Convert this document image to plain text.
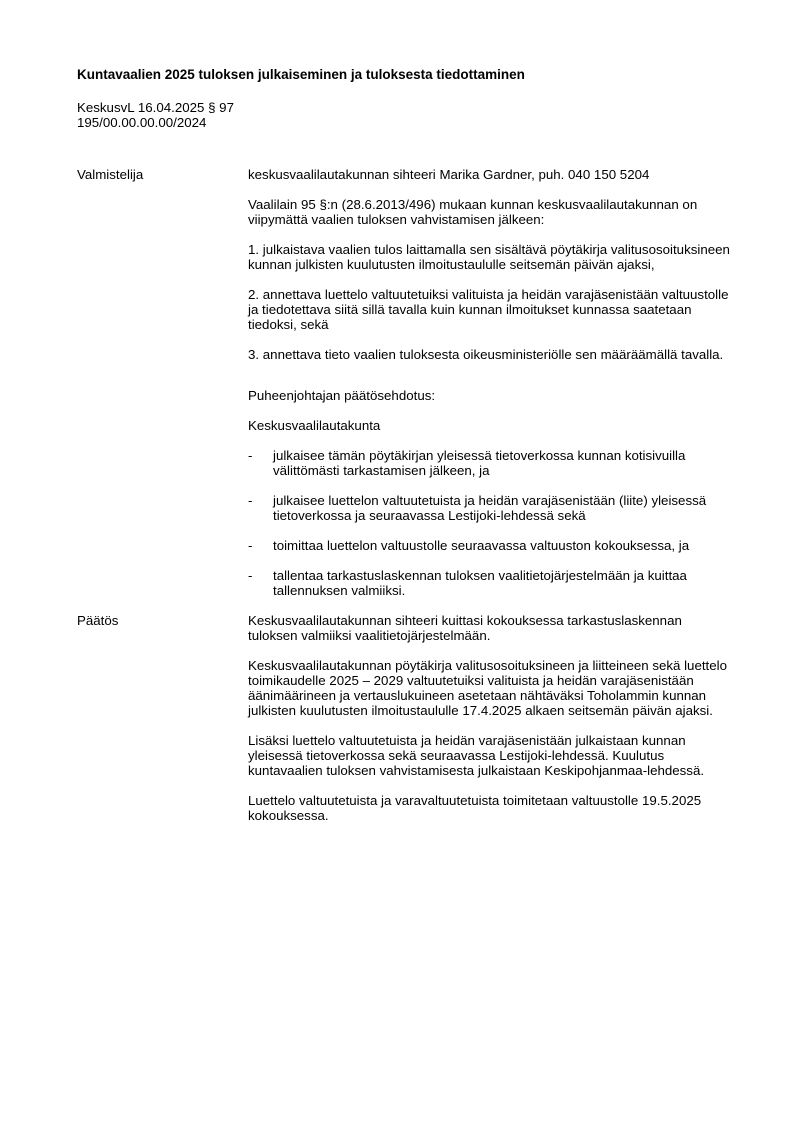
Kuntavaalien 2025 tuloksen julkaiseminen ja tuloksesta tiedottaminen
KeskusvL 16.04.2025 § 97
195/00.00.00.00/2024
Valmistelija	keskusvaalilautakunnan sihteeri Marika Gardner, puh. 040 150 5204

Vaalilain 95 §:n (28.6.2013/496) mukaan kunnan keskusvaalilautakunnan on viipymättä vaalien tuloksen vahvistamisen jälkeen:

1. julkaistava vaalien tulos laittamalla sen sisältävä pöytäkirja valitusosoituksineen kunnan julkisten kuulutusten ilmoitustaululle seitsemän päivän ajaksi,

2. annettava luettelo valtuutetuiksi valituista ja heidän varajäsenistään valtuustolle ja tiedotettava siitä sillä tavalla kuin kunnan ilmoitukset kunnassa saatetaan tiedoksi, sekä

3. annettava tieto vaalien tuloksesta oikeusministeriölle sen määräämällä tavalla.

Puheenjohtajan päätösehdotus:

Keskusvaalilautakunta

-	julkaisee tämän pöytäkirjan yleisessä tietoverkossa kunnan kotisivuilla välittömästi tarkastamisen jälkeen, ja
-	julkaisee luettelon valtuutetuista ja heidän varajäsenistään (liite) yleisessä tietoverkossa ja seuraavassa Lestijoki-lehdessä sekä
-	toimittaa luettelon valtuustolle seuraavassa valtuuston kokouksessa, ja
-	tallentaa tarkastuslaskennan tuloksen vaalitietojärjestelmään ja kuittaa tallennuksen valmiiksi.
Päätös	Keskusvaalilautakunnan sihteeri kuittasi kokouksessa tarkastuslaskennan tuloksen valmiiksi vaalitietojärjestelmään.

Keskusvaalilautakunnan pöytäkirja valitusosoituksineen ja liitteineen sekä luettelo toimikaudelle 2025 – 2029 valtuutetuiksi valituista ja heidän varajäsenistään äänimäärineen ja vertauslukuineen asetetaan nähtäväksi Toholammin kunnan julkisten kuulutusten ilmoitustaululle 17.4.2025 alkaen seitsemän päivän ajaksi.

Lisäksi luettelo valtuutetuista ja heidän varajäsenistään julkaistaan kunnan yleisessä tietoverkossa sekä seuraavassa Lestijoki-lehdessä. Kuulutus kuntavaalien tuloksen vahvistamisesta julkaistaan Keskipohjanmaa-lehdessä.

Luettelo valtuutetuista ja varavaltuutetuista toimitetaan valtuustolle 19.5.2025 kokouksessa.
